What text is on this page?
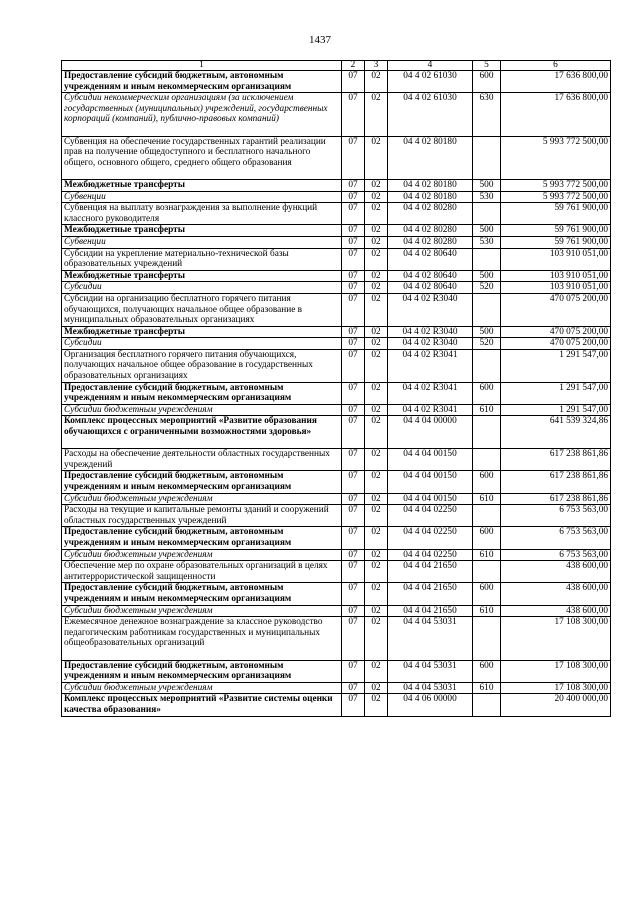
1437
1	2	3	4	5	6
Предоставление субсидий бюджетным, автономным учреждениям и иным некоммерческим организациям	07	02	04 4 02 61030	600	17 636 800,00
Субсидии некоммерческим организациям (за исключением государственных (муниципальных) учреждений, государственных корпораций (компаний), публично-правовых компаний)	07	02	04 4 02 61030	630	17 636 800,00
Субвенция на обеспечение государственных гарантий реализации прав на получение общедоступного и бесплатного начального общего, основного общего, среднего общего образования	07	02	04 4 02 80180		5 993 772 500,00
Межбюджетные трансферты	07	02	04 4 02 80180	500	5 993 772 500,00
Субвенции	07	02	04 4 02 80180	530	5 993 772 500,00
Субвенция на выплату вознаграждения за выполнение функций классного руководителя	07	02	04 4 02 80280		59 761 900,00
Межбюджетные трансферты	07	02	04 4 02 80280	500	59 761 900,00
Субвенции	07	02	04 4 02 80280	530	59 761 900,00
Субсидии на укрепление материально-технической базы образовательных учреждений	07	02	04 4 02 80640		103 910 051,00
Межбюджетные трансферты	07	02	04 4 02 80640	500	103 910 051,00
Субсидии	07	02	04 4 02 80640	520	103 910 051,00
Субсидии на организацию бесплатного горячего питания обучающихся, получающих начальное общее образование в муниципальных образовательных организациях	07	02	04 4 02 R3040		470 075 200,00
Межбюджетные трансферты	07	02	04 4 02 R3040	500	470 075 200,00
Субсидии	07	02	04 4 02 R3040	520	470 075 200,00
Организация бесплатного горячего питания обучающихся, получающих начальное общее образование в государственных образовательных организациях	07	02	04 4 02 R3041		1 291 547,00
Предоставление субсидий бюджетным, автономным учреждениям и иным некоммерческим организациям	07	02	04 4 02 R3041	600	1 291 547,00
Субсидии бюджетным учреждениям	07	02	04 4 02 R3041	610	1 291 547,00
Комплекс процессных мероприятий «Развитие образования обучающихся с ограниченными возможностями здоровья»	07	02	04 4 04 00000		641 539 324,86
Расходы на обеспечение деятельности областных государственных учреждений	07	02	04 4 04 00150		617 238 861,86
Предоставление субсидий бюджетным, автономным учреждениям и иным некоммерческим организациям	07	02	04 4 04 00150	600	617 238 861,86
Субсидии бюджетным учреждениям	07	02	04 4 04 00150	610	617 238 861,86
Расходы на текущие и капитальные ремонты зданий и сооружений областных государственных учреждений	07	02	04 4 04 02250		6 753 563,00
Предоставление субсидий бюджетным, автономным учреждениям и иным некоммерческим организациям	07	02	04 4 04 02250	600	6 753 563,00
Субсидии бюджетным учреждениям	07	02	04 4 04 02250	610	6 753 563,00
Обеспечение мер по охране образовательных организаций в целях антитеррористической защищенности	07	02	04 4 04 21650		438 600,00
Предоставление субсидий бюджетным, автономным учреждениям и иным некоммерческим организациям	07	02	04 4 04 21650	600	438 600,00
Субсидии бюджетным учреждениям	07	02	04 4 04 21650	610	438 600,00
Ежемесячное денежное вознаграждение за классное руководство педагогическим работникам государственных и муниципальных общеобразовательных организаций	07	02	04 4 04 53031		17 108 300,00
Предоставление субсидий бюджетным, автономным учреждениям и иным некоммерческим организациям	07	02	04 4 04 53031	600	17 108 300,00
Субсидии бюджетным учреждениям	07	02	04 4 04 53031	610	17 108 300,00
Комплекс процессных мероприятий «Развитие системы оценки качества образования»	07	02	04 4 06 00000		20 400 000,00
